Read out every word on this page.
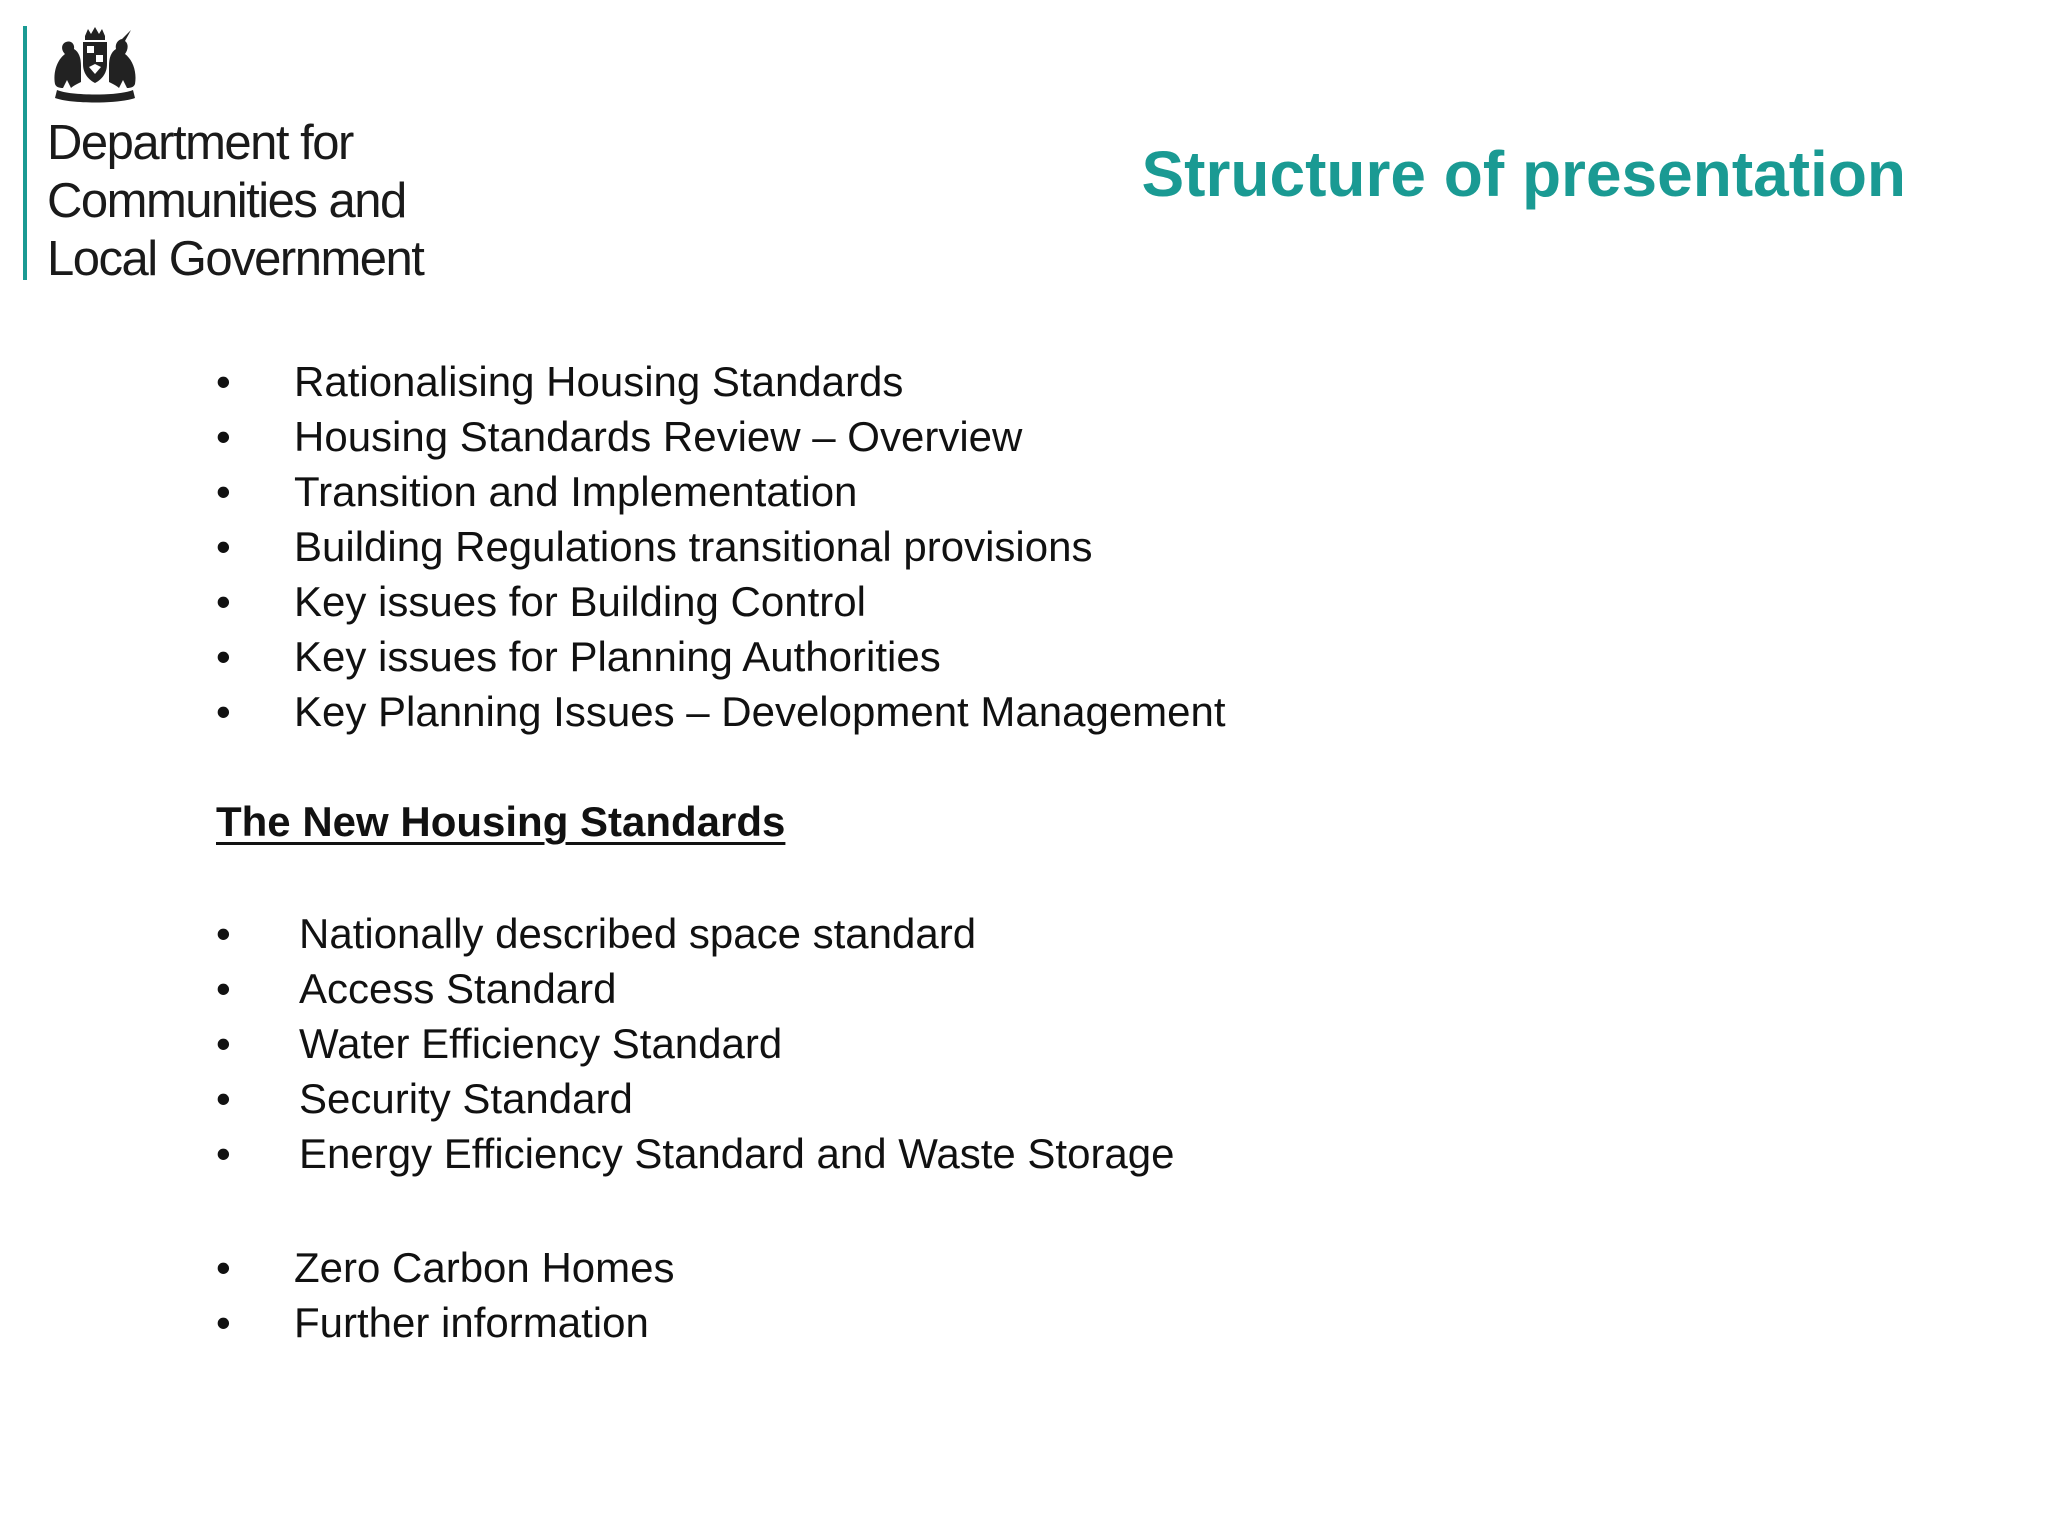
Department for
Communities and
Local Government
Structure of presentation
• Rationalising Housing Standards
• Housing Standards Review – Overview
• Transition and Implementation
• Building Regulations transitional provisions
• Key issues for Building Control
• Key issues for Planning Authorities
• Key Planning Issues – Development Management
The New Housing Standards
• Nationally described space standard
• Access Standard
• Water Efficiency Standard
• Security Standard
• Energy Efficiency Standard and Waste Storage
• Zero Carbon Homes
• Further information
